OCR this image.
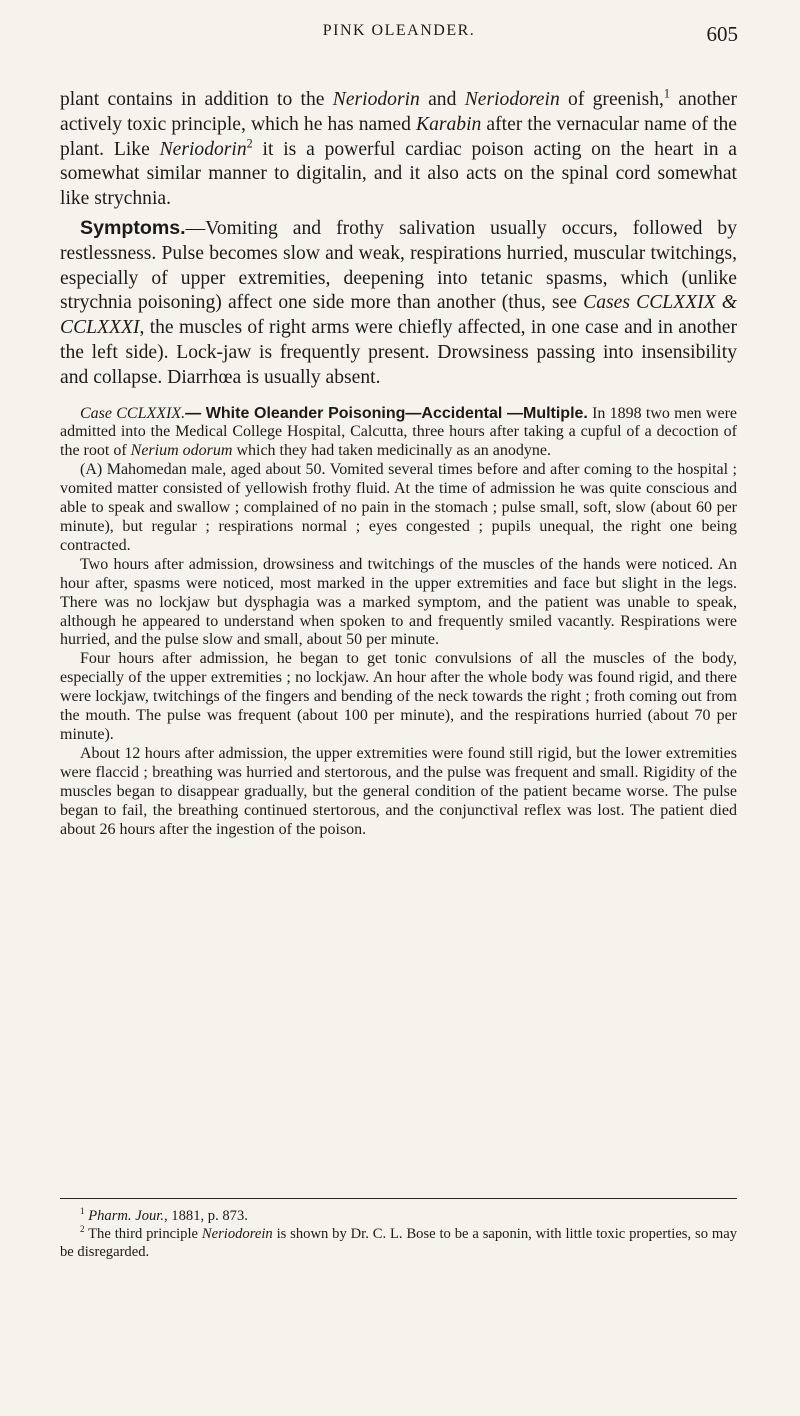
PINK OLEANDER.	605

plant contains in addition to the Neriodorin and Neriodorein of greenish,$^1$ another actively toxic principle, which he has named Karabin after the vernacular name of the plant. Like Neriodorin$^2$ it is a powerful cardiac poison acting on the heart in a somewhat similar manner to digitalin, and it also acts on the spinal cord somewhat like strychnia.

Symptoms.—Vomiting and frothy salivation usually occurs, followed by restlessness. Pulse becomes slow and weak, respirations hurried, muscular twitchings, especially of upper extremities, deepening into tetanic spasms, which (unlike strychnia poisoning) affect one side more than another (thus, see Cases CCLXXIX & CCLXXXI, the muscles of right arms were chiefly affected, in one case and in another the left side). Lock-jaw is frequently present. Drowsiness passing into insensibility and collapse. Diarrhœa is usually absent.

Case CCLXXIX.— White Oleander Poisoning—Accidental —Multiple. In 1898 two men were admitted into the Medical College Hospital, Calcutta, three hours after taking a cupful of a decoction of the root of Nerium odorum which they had taken medicinally as an anodyne.

(A) Mahomedan male, aged about 50. Vomited several times before and after coming to the hospital ; vomited matter consisted of yellowish frothy fluid. At the time of admission he was quite conscious and able to speak and swallow ; complained of no pain in the stomach ; pulse small, soft, slow (about 60 per minute), but regular ; respirations normal ; eyes congested ; pupils unequal, the right one being contracted.

Two hours after admission, drowsiness and twitchings of the muscles of the hands were noticed. An hour after, spasms were noticed, most marked in the upper extremities and face but slight in the legs. There was no lockjaw but dysphagia was a marked symptom, and the patient was unable to speak, although he appeared to understand when spoken to and frequently smiled vacantly. Respirations were hurried, and the pulse slow and small, about 50 per minute.

Four hours after admission, he began to get tonic convulsions of all the muscles of the body, especially of the upper extremities ; no lockjaw. An hour after the whole body was found rigid, and there were lockjaw, twitchings of the fingers and bending of the neck towards the right ; froth coming out from the mouth. The pulse was frequent (about 100 per minute), and the respirations hurried (about 70 per minute).

About 12 hours after admission, the upper extremities were found still rigid, but the lower extremities were flaccid ; breathing was hurried and stertorous, and the pulse was frequent and small. Rigidity of the muscles began to disappear gradually, but the general condition of the patient became worse. The pulse began to fail, the breathing continued stertorous, and the conjunctival reflex was lost. The patient died about 26 hours after the ingestion of the poison.

$^1$ Pharm. Jour., 1881, p. 873.

$^2$ The third principle Neriodorein is shown by Dr. C. L. Bose to be a saponin, with little toxic properties, so may be disregarded.
